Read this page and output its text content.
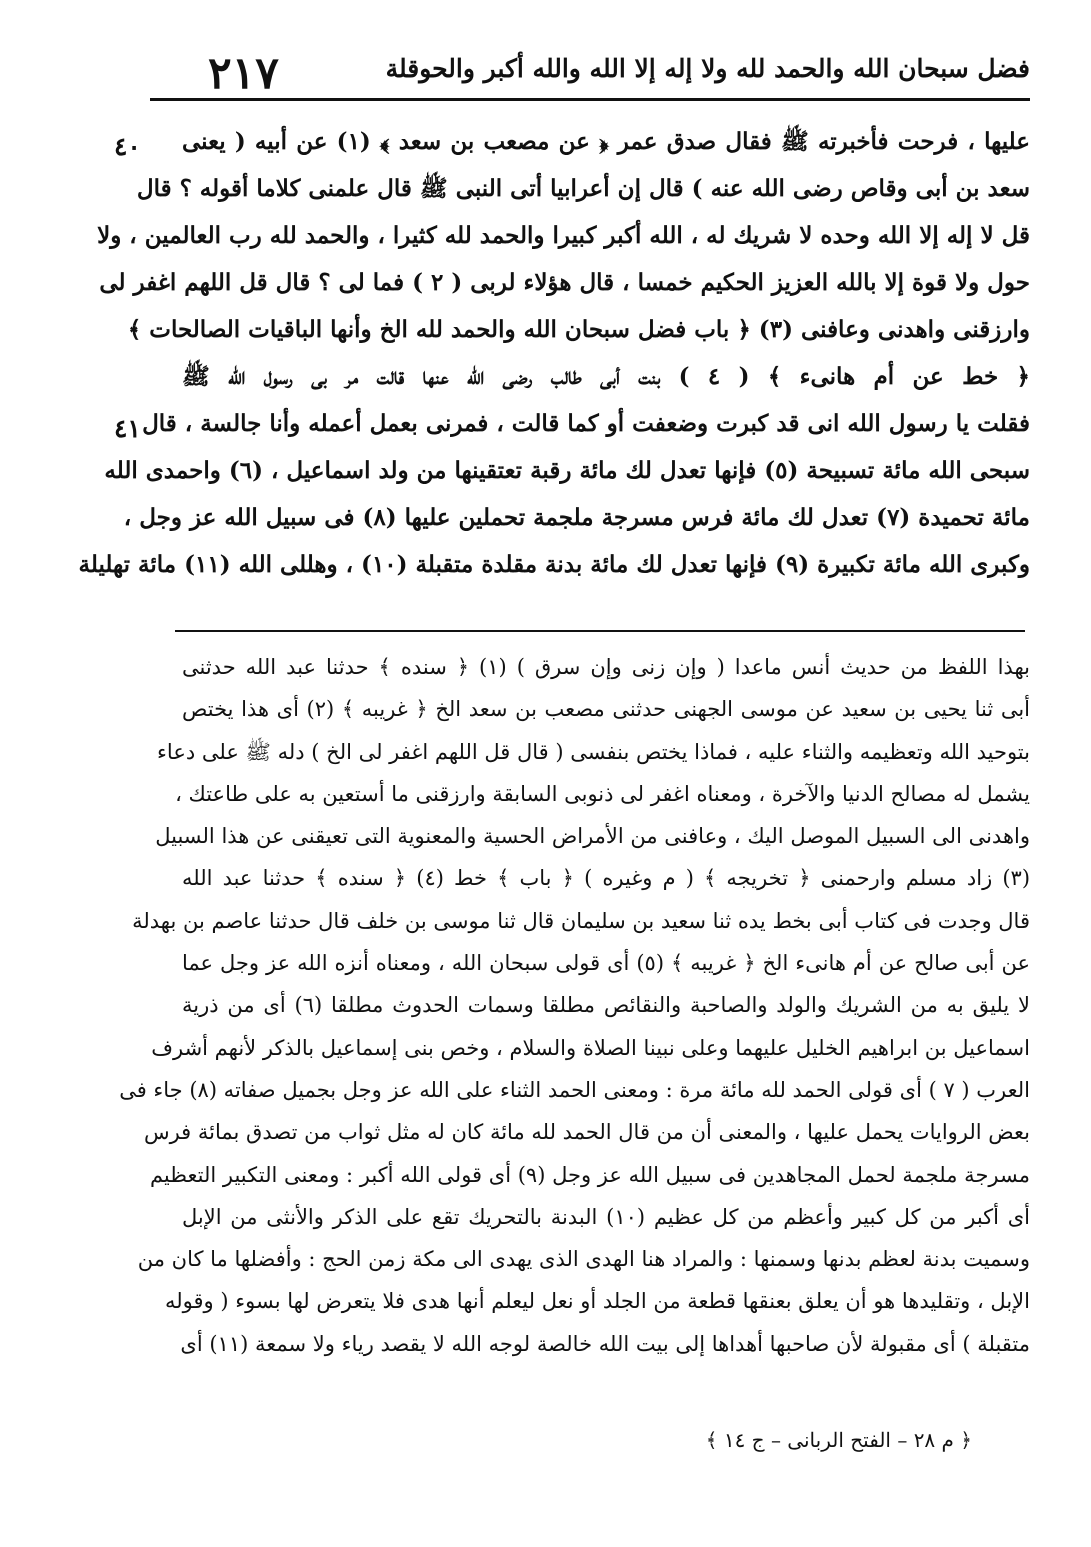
٢١٧	فضل سبحان الله والحمد لله ولا إله إلا الله والله أكبر والحوقلة
٤٠
٤١
عليها ، فرحت فأخبرته ﷺ فقال صدق عمر ﴿ عن مصعب بن سعد ﴾ (١) عن أبيه ( يعنى
سعد بن أبى وقاص رضى الله عنه ) قال إن أعرابيا أتى النبى ﷺ قال علمنى كلاما أقوله ؟ قال
قل لا إله إلا الله وحده لا شريك له ، الله أكبر كبيرا والحمد لله كثيرا ، والحمد لله رب العالمين ، ولا
حول ولا قوة إلا بالله العزيز الحكيم خمسا ، قال هؤلاء لربى ( ٢ ) فما لى ؟ قال قل اللهم اغفر لى
وارزقنى واهدنى وعافنى (٣) ﴿ باب فضل سبحان الله والحمد لله الخ وأنها الباقيات الصالحات ﴾
﴿ خط عن أم هانىء ﴾ ( ٤ ) بنت أبى طالب رضى الله عنها قالت مر بى رسول الله ﷺ
فقلت يا رسول الله انى قد كبرت وضعفت أو كما قالت ، فمرنى بعمل أعمله وأنا جالسة ، قال
سبحى الله مائة تسبيحة (٥) فإنها تعدل لك مائة رقبة تعتقينها من ولد اسماعيل ، (٦) واحمدى الله
مائة تحميدة (٧) تعدل لك مائة فرس مسرجة ملجمة تحملين عليها (٨) فى سبيل الله عز وجل ،
وكبرى الله مائة تكبيرة (٩) فإنها تعدل لك مائة بدنة مقلدة متقبلة (١٠) ، وهللى الله (١١) مائة تهليلة
بهذا اللفظ من حديث أنس ماعدا ( وإن زنى وإن سرق ) (١) ﴿ سنده ﴾ حدثنا عبد الله حدثنى
أبى ثنا يحيى بن سعيد عن موسى الجهنى حدثنى مصعب بن سعد الخ ﴿ غريبه ﴾ (٢) أى هذا يختص
بتوحيد الله وتعظيمه والثناء عليه ، فماذا يختص بنفسى ( قال قل اللهم اغفر لى الخ ) دله ﷺ على دعاء
يشمل له مصالح الدنيا والآخرة ، ومعناه اغفر لى ذنوبى السابقة وارزقنى ما أستعين به على طاعتك ،
واهدنى الى السبيل الموصل اليك ، وعافنى من الأمراض الحسية والمعنوية التى تعيقنى عن هذا السبيل
(٣) زاد مسلم وارحمنى ﴿ تخريجه ﴾ ( م وغيره ) ﴿ باب ﴾ خط (٤) ﴿ سنده ﴾ حدثنا عبد الله
قال وجدت فى كتاب أبى بخط يده ثنا سعيد بن سليمان قال ثنا موسى بن خلف قال حدثنا عاصم بن بهدلة
عن أبى صالح عن أم هانىء الخ ﴿ غريبه ﴾ (٥) أى قولى سبحان الله ، ومعناه أنزه الله عز وجل عما
لا يليق به من الشريك والولد والصاحبة والنقائص مطلقا وسمات الحدوث مطلقا (٦) أى من ذرية
اسماعيل بن ابراهيم الخليل عليهما وعلى نبينا الصلاة والسلام ، وخص بنى إسماعيل بالذكر لأنهم أشرف
العرب ( ٧ ) أى قولى الحمد لله مائة مرة : ومعنى الحمد الثناء على الله عز وجل بجميل صفاته (٨) جاء فى
بعض الروايات يحمل عليها ، والمعنى أن من قال الحمد لله مائة كان له مثل ثواب من تصدق بمائة فرس
مسرجة ملجمة لحمل المجاهدين فى سبيل الله عز وجل (٩) أى قولى الله أكبر : ومعنى التكبير التعظيم
أى أكبر من كل كبير وأعظم من كل عظيم (١٠) البدنة بالتحريك تقع على الذكر والأنثى من الإبل
وسميت بدنة لعظم بدنها وسمنها : والمراد هنا الهدى الذى يهدى الى مكة زمن الحج : وأفضلها ما كان من
الإبل ، وتقليدها هو أن يعلق بعنقها قطعة من الجلد أو نعل ليعلم أنها هدى فلا يتعرض لها بسوء ( وقوله
متقبلة ) أى مقبولة لأن صاحبها أهداها إلى بيت الله خالصة لوجه الله لا يقصد رياء ولا سمعة (١١) أى
﴿ م ٢٨ – الفتح الربانى – ج ١٤ ﴾
